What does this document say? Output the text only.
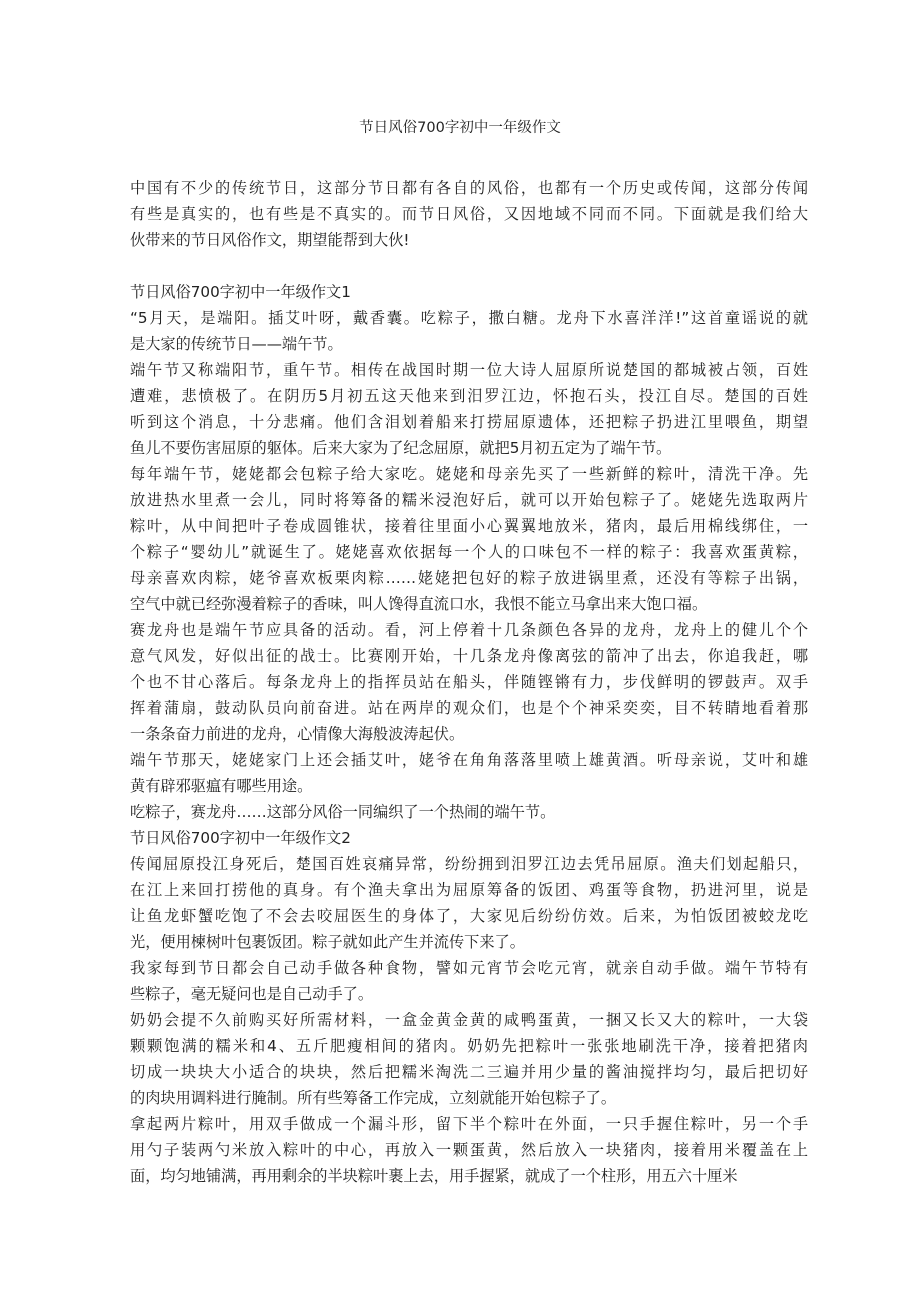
节日风俗700字初中一年级作文
中国有不少的传统节日，这部分节日都有各自的风俗，也都有一个历史或传闻，这部分传闻
有些是真实的，也有些是不真实的。而节日风俗，又因地域不同而不同。下面就是我们给大
伙带来的节日风俗作文，期望能帮到大伙!
节日风俗700字初中一年级作文1
“5月天，是端阳。插艾叶呀，戴香囊。吃粽子，撒白糖。龙舟下水喜洋洋!”这首童谣说的就
是大家的传统节日——端午节。
端午节又称端阳节，重午节。相传在战国时期一位大诗人屈原所说楚国的都城被占领，百姓
遭难，悲愤极了。在阴历5月初五这天他来到汨罗江边，怀抱石头，投江自尽。楚国的百姓
听到这个消息，十分悲痛。他们含泪划着船来打捞屈原遗体，还把粽子扔进江里喂鱼，期望
鱼儿不要伤害屈原的躯体。后来大家为了纪念屈原，就把5月初五定为了端午节。
每年端午节，姥姥都会包粽子给大家吃。姥姥和母亲先买了一些新鲜的粽叶，清洗干净。先
放进热水里煮一会儿，同时将筹备的糯米浸泡好后，就可以开始包粽子了。姥姥先选取两片
粽叶，从中间把叶子卷成圆锥状，接着往里面小心翼翼地放米，猪肉，最后用棉线绑住，一
个粽子“婴幼儿”就诞生了。姥姥喜欢依据每一个人的口味包不一样的粽子：我喜欢蛋黄粽，
母亲喜欢肉粽，姥爷喜欢板栗肉粽……姥姥把包好的粽子放进锅里煮，还没有等粽子出锅，
空气中就已经弥漫着粽子的香味，叫人馋得直流口水，我恨不能立马拿出来大饱口福。
赛龙舟也是端午节应具备的活动。看，河上停着十几条颜色各异的龙舟，龙舟上的健儿个个
意气风发，好似出征的战士。比赛刚开始，十几条龙舟像离弦的箭冲了出去，你追我赶，哪
个也不甘心落后。每条龙舟上的指挥员站在船头，伴随铿锵有力，步伐鲜明的锣鼓声。双手
挥着蒲扇，鼓动队员向前奋进。站在两岸的观众们，也是个个神采奕奕，目不转睛地看着那
一条条奋力前进的龙舟，心情像大海般波涛起伏。
端午节那天，姥姥家门上还会插艾叶，姥爷在角角落落里喷上雄黄酒。听母亲说，艾叶和雄
黄有辟邪驱瘟有哪些用途。
吃粽子，赛龙舟……这部分风俗一同编织了一个热闹的端午节。
节日风俗700字初中一年级作文2
传闻屈原投江身死后，楚国百姓哀痛异常，纷纷拥到汨罗江边去凭吊屈原。渔夫们划起船只，
在江上来回打捞他的真身。有个渔夫拿出为屈原筹备的饭团、鸡蛋等食物，扔进河里，说是
让鱼龙虾蟹吃饱了不会去咬屈医生的身体了，大家见后纷纷仿效。后来，为怕饭团被蛟龙吃
光，便用楝树叶包裹饭团。粽子就如此产生并流传下来了。
我家每到节日都会自己动手做各种食物，譬如元宵节会吃元宵，就亲自动手做。端午节特有
些粽子，毫无疑问也是自己动手了。
奶奶会提不久前购买好所需材料，一盒金黄金黄的咸鸭蛋黄，一捆又长又大的粽叶，一大袋
颗颗饱满的糯米和4、五斤肥瘦相间的猪肉。奶奶先把粽叶一张张地刷洗干净，接着把猪肉
切成一块块大小适合的块块，然后把糯米淘洗二三遍并用少量的酱油搅拌均匀，最后把切好
的肉块用调料进行腌制。所有些筹备工作完成，立刻就能开始包粽子了。
拿起两片粽叶，用双手做成一个漏斗形，留下半个粽叶在外面，一只手握住粽叶，另一个手
用勺子装两勺米放入粽叶的中心，再放入一颗蛋黄，然后放入一块猪肉，接着用米覆盖在上
面，均匀地铺满，再用剩余的半块粽叶裹上去，用手握紧，就成了一个柱形，用五六十厘米
